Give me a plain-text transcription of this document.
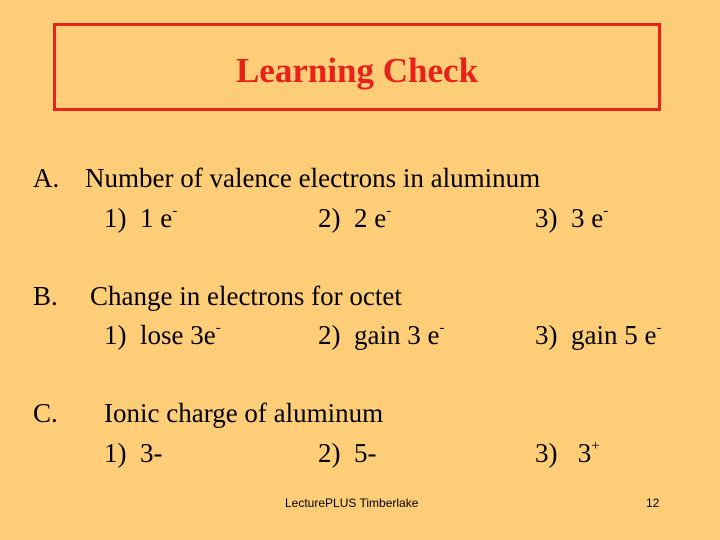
Learning Check
A. Number of valence electrons in aluminum
1) 1 e-	2) 2 e-	3) 3 e-
B. Change in electrons for octet
1) lose 3e-	2) gain 3 e-	3) gain 5 e-
C. Ionic charge of aluminum
1) 3-	2) 5-	3) 3+
LecturePLUS Timberlake	12
